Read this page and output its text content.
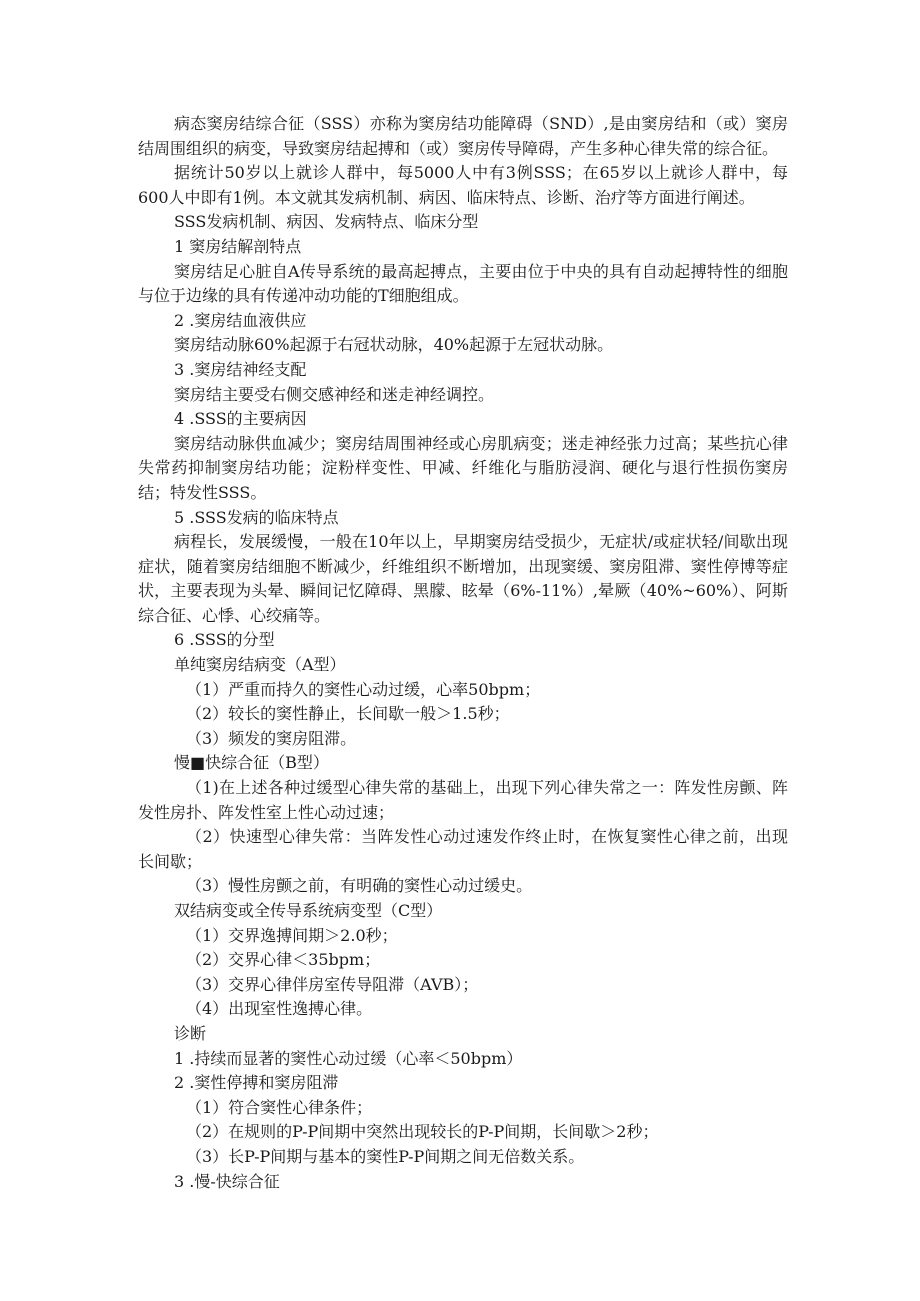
病态窦房结综合征（SSS）亦称为窦房结功能障碍（SND）,是由窦房结和（或）窦房结周围组织的病变，导致窦房结起搏和（或）窦房传导障碍，产生多种心律失常的综合征。

据统计50岁以上就诊人群中，每5000人中有3例SSS；在65岁以上就诊人群中，每600人中即有1例。本文就其发病机制、病因、临床特点、诊断、治疗等方面进行阐述。

SSS发病机制、病因、发病特点、临床分型

1 窦房结解剖特点

窦房结足心脏自A传导系统的最高起搏点，主要由位于中央的具有自动起搏特性的细胞与位于边缘的具有传递冲动功能的T细胞组成。

2 .窦房结血液供应

窦房结动脉60%起源于右冠状动脉，40%起源于左冠状动脉。

3 .窦房结神经支配

窦房结主要受右侧交感神经和迷走神经调控。

4 .SSS的主要病因

窦房结动脉供血减少；窦房结周围神经或心房肌病变；迷走神经张力过高；某些抗心律失常药抑制窦房结功能；淀粉样变性、甲减、纤维化与脂肪浸润、硬化与退行性损伤窦房结；特发性SSS。

5 .SSS发病的临床特点

病程长，发展缓慢，一般在10年以上，早期窦房结受损少，无症状/或症状轻/间歇出现症状，随着窦房结细胞不断减少，纤维组织不断增加，出现窦缓、窦房阻滞、窦性停博等症状，主要表现为头晕、瞬间记忆障碍、黑朦、眩晕（6%-11%）,晕厥（40%~60%）、阿斯综合征、心悸、心绞痛等。

6 .SSS的分型

单纯窦房结病变（A型）

（1）严重而持久的窦性心动过缓，心率50bpm；

（2）较长的窦性静止，长间歇一般＞1.5秒；

（3）频发的窦房阻滞。

慢■快综合征（B型）

（1)在上述各种过缓型心律失常的基础上，出现下列心律失常之一：阵发性房颤、阵发性房扑、阵发性室上性心动过速；

（2）快速型心律失常：当阵发性心动过速发作终止时，在恢复窦性心律之前，出现长间歇；

（3）慢性房颤之前，有明确的窦性心动过缓史。

双结病变或全传导系统病变型（C型）

（1）交界逸搏间期＞2.0秒；

（2）交界心律＜35bpm；

（3）交界心律伴房室传导阻滞（AVB）；

（4）出现室性逸搏心律。

诊断

1 .持续而显著的窦性心动过缓（心率＜50bpm）

2 .窦性停搏和窦房阻滞

（1）符合窦性心律条件；

（2）在规则的P-P间期中突然出现较长的P-P间期，长间歇＞2秒；

（3）长P-P间期与基本的窦性P-P间期之间无倍数关系。

3 .慢-快综合征
